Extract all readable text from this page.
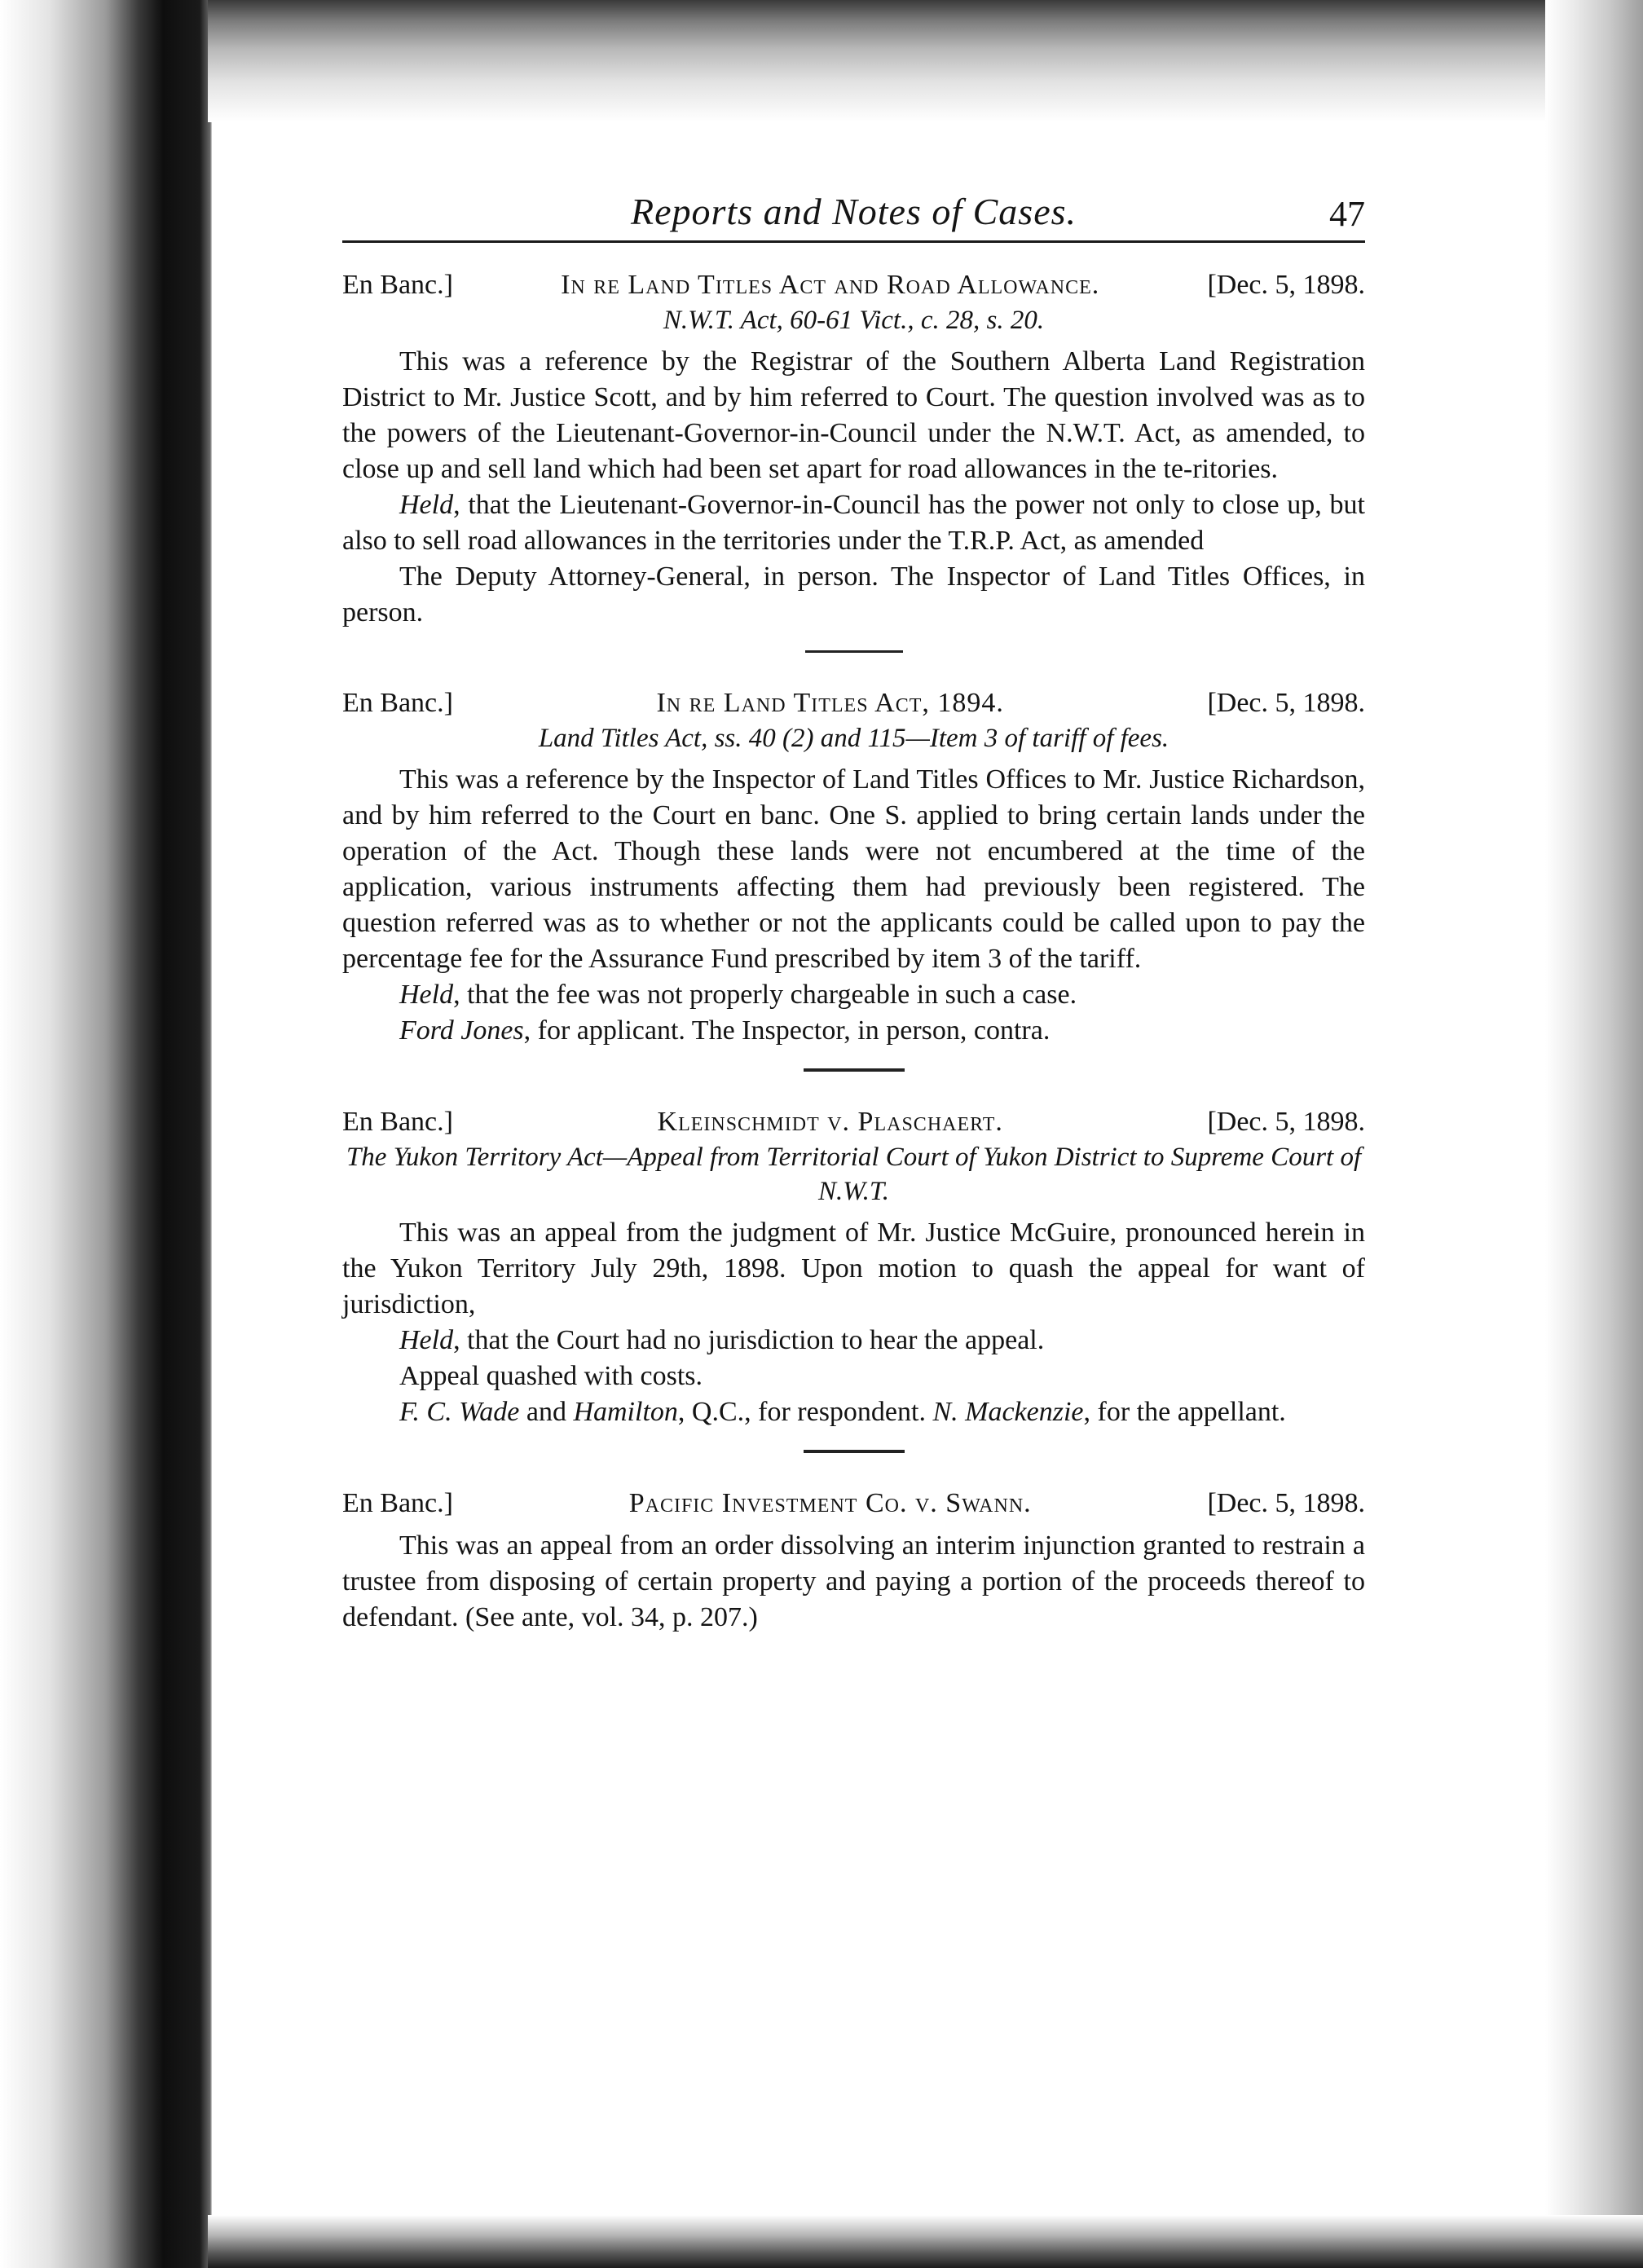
Reports and Notes of Cases.	47
En Banc.]	In re Land Titles Act and Road Allowance.	[Dec. 5, 1898.
N.W.T. Act, 60-61 Vict., c. 28, s. 20.

This was a reference by the Registrar of the Southern Alberta Land Registration District to Mr. Justice Scott, and by him referred to Court. The question involved was as to the powers of the Lieutenant-Governor-in-Council under the N.W.T. Act, as amended, to close up and sell land which had been set apart for road allowances in the te-ritories.

Held, that the Lieutenant-Governor-in-Council has the power not only to close up, but also to sell road allowances in the territories under the T.R.P. Act, as amended

The Deputy Attorney-General, in person. The Inspector of Land Titles Offices, in person.

En Banc.]	In re Land Titles Act, 1894.	[Dec. 5, 1898.
Land Titles Act, ss. 40 (2) and 115—Item 3 of tariff of fees.

This was a reference by the Inspector of Land Titles Offices to Mr. Justice Richardson, and by him referred to the Court en banc. One S. applied to bring certain lands under the operation of the Act. Though these lands were not encumbered at the time of the application, various instruments affecting them had previously been registered. The question referred was as to whether or not the applicants could be called upon to pay the percentage fee for the Assurance Fund prescribed by item 3 of the tariff.

Held, that the fee was not properly chargeable in such a case.

Ford Jones, for applicant. The Inspector, in person, contra.

En Banc.]	Kleinschmidt v. Plaschaert.	[Dec. 5, 1898.
The Yukon Territory Act—Appeal from Territorial Court of Yukon District to Supreme Court of N.W.T.

This was an appeal from the judgment of Mr. Justice McGuire, pronounced herein in the Yukon Territory July 29th, 1898. Upon motion to quash the appeal for want of jurisdiction,

Held, that the Court had no jurisdiction to hear the appeal.

Appeal quashed with costs.

F. C. Wade and Hamilton, Q.C., for respondent. N. Mackenzie, for the appellant.

En Banc.]	Pacific Investment Co. v. Swann.	[Dec. 5, 1898.

This was an appeal from an order dissolving an interim injunction granted to restrain a trustee from disposing of certain property and paying a portion of the proceeds thereof to defendant. (See ante, vol. 34, p. 207.)
